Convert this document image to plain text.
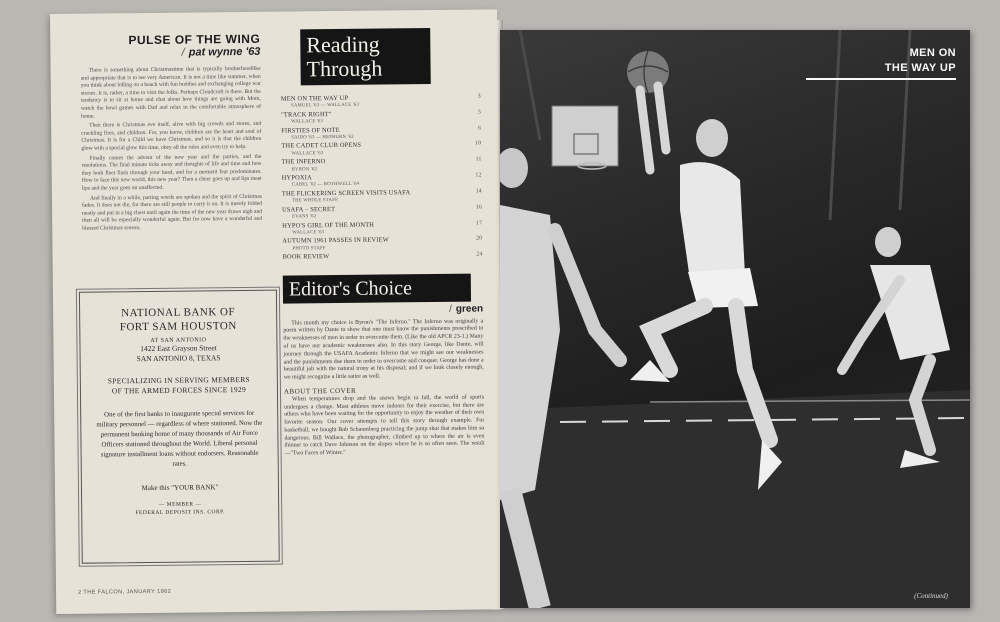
PULSE OF THE WING
/ pat wynne '63

There is something about Christmastime that is typically brotherhoodlike and appropriate that is to see very American. It is not a time like summer, when you think about lolling on a beach with fun buddies and exchanging college war stories. It is, rather, a time to visit the folks. Perhaps Cloudcroft is there. But the tendency is to sit at home and chat about how things are going with Mom, watch the bowl games with Dad and relax in the comfortable atmosphere of home.

Then there is Christmas eve itself, alive with big crowds and stores, and crackling fires, and children. For, you know, children are the heart and soul of Christmas. It is for a Child we have Christmas, and so it is that the children glow with a special glow this time, obey all the rules and even try to help.

Finally comes the advent of the new year and the parties, and the resolutions. The final minute ticks away and thoughts of life and time and how they both fleet flash through your head, and for a moment fear predominates. How to face this new world, this new year? Then a cheer goes up and lips meet lips and the year goes on unaffected.

And finally in a while, parting words are spoken and the spirit of Christmas fades. It does not die, for there are still people to carry it on. It is merely folded neatly and put in a big chest until again the time of the new year draws nigh and then all will be especially wonderful again. But for now have a wonderful and blessed Christmas season.

NATIONAL BANK OF
FORT SAM HOUSTON
AT SAN ANTONIO
1422 East Grayson Street
SAN ANTONIO 8, TEXAS
SPECIALIZING IN SERVING MEMBERS
OF THE ARMED FORCES SINCE 1929
One of the first banks to inaugurate special services for military personnel — regardless of where stationed. Now the permanent banking home of many thousands of Air Force Officers stationed throughout the World. Liberal personal signature installment loans without endorsers. Reasonable rates.
Make this "YOUR BANK"
— MEMBER —
FEDERAL DEPOSIT INS. CORP.
Reading
Through
MEN ON THE WAY UP	3
SAMUEL '63 — WALLACE '63
"TRACK RIGHT"	5
WALLACE '63
FIRSTIES OF NOTE	6
SAIDO '63 — HEPBURN '62
THE CADET CLUB OPENS	10
WALLACE '63
THE INFERNO	11
BYRON '62
HYPOXIA	12
CABEL '62 — BOTHWELL '64
THE FLICKERING SCREEN VISITS USAFA	14
THE WHOLE STAFF
USAFA – SECRET	16
EVANS '62
HYPO'S GIRL OF THE MONTH	17
WALLACE '63
AUTUMN 1961 PASSES IN REVIEW	20
PHOTO STAFF
BOOK REVIEW	24
Editor's Choice
/ green

This month my choice is Byron's "The Inferno." The Inferno was originally a poem written by Dante to show that one must know the punishments prescribed to the weaknesses of men in order to overcome them. (Like the old APCR 23-1.) Many of us have our academic weaknesses also. In this story George, like Dante, will journey through the USAFA Academic Inferno that we might see our weaknesses and the punishments due them in order to overcome and conquer. George has done a beautiful job with the natural irony at his disposal; and if we look closely enough, we might recognize a little satire as well.

ABOUT THE COVER

When temperatures drop and the snows begin to fall, the world of sports undergoes a change. Most athletes move indoors for their exercise, but there are others who have been waiting for the opportunity to enjoy the weather of their own favorite season. Our cover attempts to tell this story through example. For basketball, we bought Bob Schaumberg practicing the jump shot that makes him so dangerous. Bill Wallace, the photographer, climbed up to where the air is even thinner to catch Dave Johnson on the slopes where he is so often seen. The result—"Two Faces of Winter."

2 THE FALCON, JANUARY 1962
MEN ON
THE WAY UP
(Continued)
